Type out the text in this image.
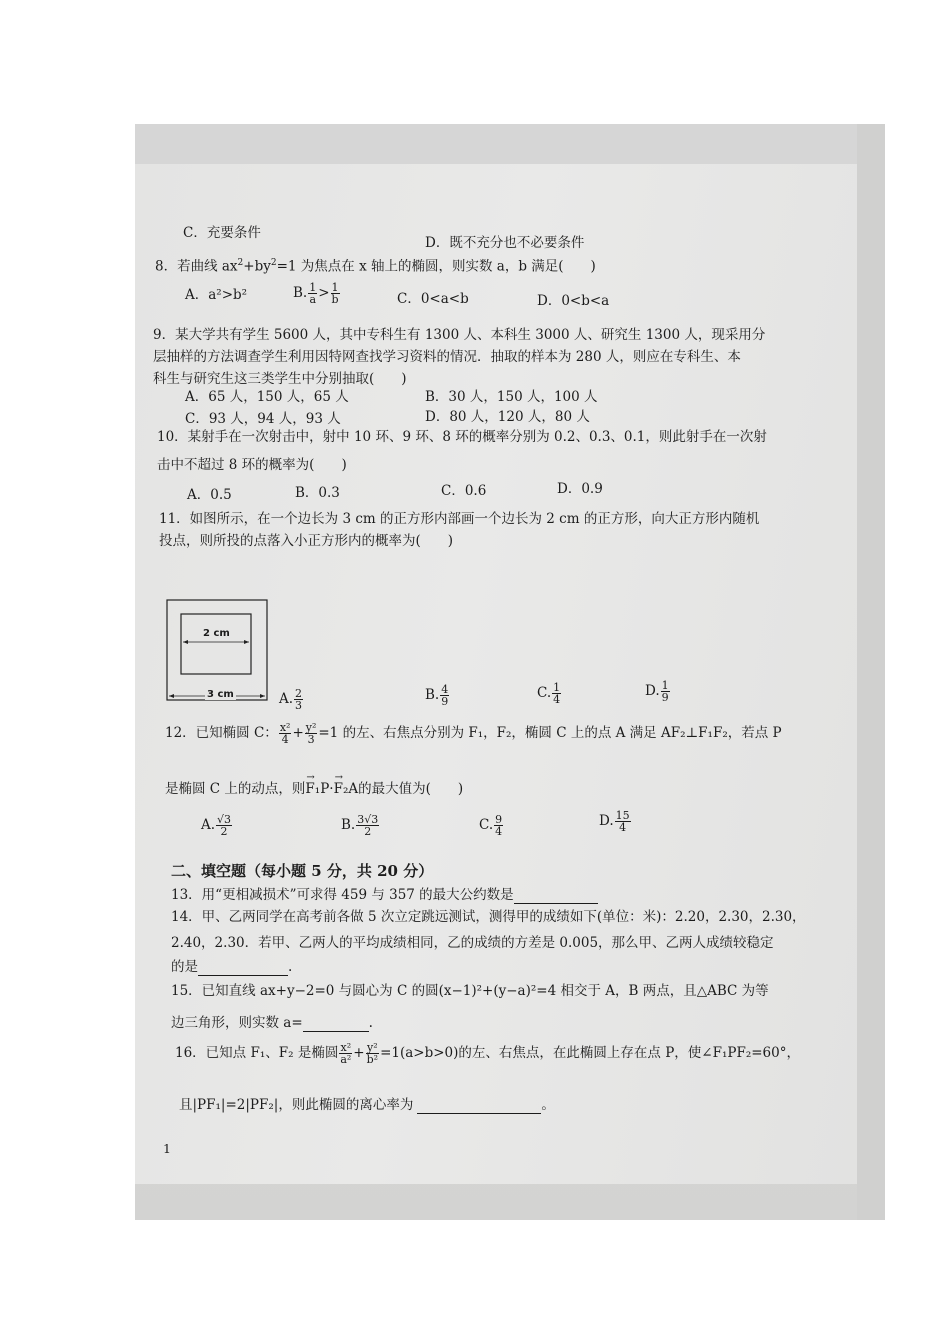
C．充要条件
D．既不充分也不必要条件
8．若曲线 $ax^2+by^2=1$ 为焦点在 x 轴上的椭圆，则实数 a，b 满足(　　)
A．a²>b²	B. $\frac{1}{a} > \frac{1}{b}$	C．0<a<b	D．0<b<a
9．某大学共有学生 5600 人，其中专科生有 1300 人、本科生 3000 人、研究生 1300 人，现采用分
层抽样的方法调查学生利用因特网查找学习资料的情况．抽取的样本为 280 人，则应在专科生、本
科生与研究生这三类学生中分别抽取(　　)
A．65 人，150 人，65 人	B．30 人，150 人，100 人
C．93 人，94 人，93 人	D．80 人，120 人，80 人
10．某射手在一次射击中，射中 10 环、9 环、8 环的概率分别为 0.2、0.3、0.1，则此射手在一次射
击中不超过 8 环的概率为(　　)
A．0.5	B．0.3	C．0.6	D．0.9
11．如图所示，在一个边长为 3 cm 的正方形内部画一个边长为 2 cm 的正方形，向大正方形内随机
投点，则所投的点落入小正方形内的概率为(　　)
2 cm
3 cm	A. $\frac{2}{3}$	B. $\frac{4}{9}$	C. $\frac{1}{4}$	D. $\frac{1}{9}$
12．已知椭圆 C： $\frac{\text{x²}}{4} + \frac{\text{y²}}{3} =1$ 的左、右焦点分别为 F₁，F₂，椭圆 C 上的点 A 满足 AF₂⊥F₁F₂，若点 P
是椭圆 C 上的动点，则→ F₁P·→ F₂A的最大值为(　　)
A. $\frac{√3}{2}$	B. $\frac{3√3}{2}$	C. $\frac{9}{4}$	D. $\frac{15}{4}$
二、填空题（每小题 5 分，共 20 分）
13．用“更相减损术”可求得 459 与 357 的最大公约数是
14．甲、乙两同学在高考前各做 5 次立定跳远测试，测得甲的成绩如下(单位：米)：2.20，2.30，2.30，
2.40，2.30．若甲、乙两人的平均成绩相同，乙的成绩的方差是 0.005，那么甲、乙两人成绩较稳定
的是	.
15．已知直线 ax+y−2=0 与圆心为 C 的圆(x−1)²+(y−a)²=4 相交于 A，B 两点，且△ABC 为等
边三角形，则实数 a=	.
16．已知点 F₁、F₂ 是椭圆 $\frac{\text{x²}}{\text{a²}} + \frac{\text{y²}}{\text{b²}} =1(a>b>0)$的左、右焦点，在此椭圆上存在点 P，使∠F₁PF₂=60°，
且|PF₁|=2|PF₂|，则此椭圆的离心率为	。
1
